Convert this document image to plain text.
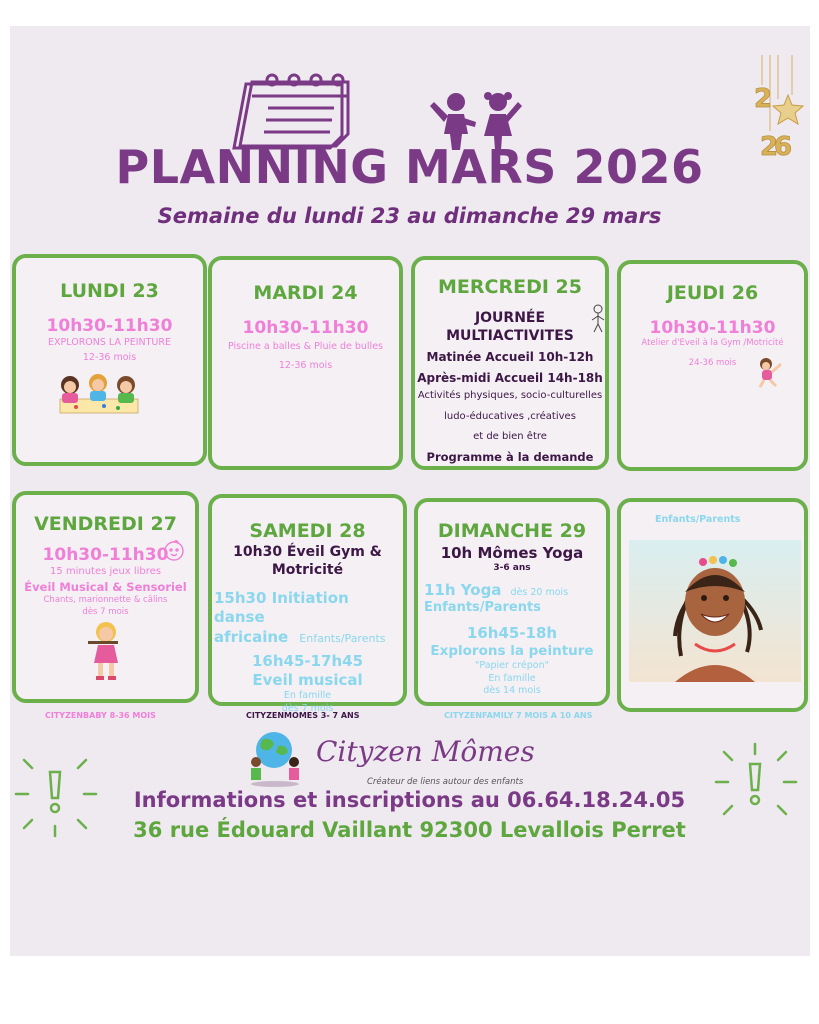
2
2
6
PLANNING MARS 2026
Semaine du lundi 23 au dimanche 29 mars
LUNDI 23
10h30-11h30
EXPLORONS LA PEINTURE
12-36 mois
MARDI 24
10h30-11h30
Piscine a balles & Pluie de bulles
12-36 mois
MERCREDI 25
JOURNÉE
MULTIACTIVITES
Matinée Accueil 10h-12h
Après-midi Accueil 14h-18h
Activités physiques, socio-culturelles
ludo-éducatives ,créatives
et de bien être
Programme à la demande
JEUDI 26
10h30-11h30
Atelier d'Eveil à la Gym /Motricité
24-36 mois
VENDREDI 27
10h30-11h30
15 minutes jeux libres
Éveil Musical & Sensoriel
Chants, marionnette & câlins
dès 7 mois
SAMEDI 28
10h30 Éveil Gym &
Motricité
15h30 Initiation danse
africaine Enfants/Parents
16h45-17h45
Eveil musical
En famille
dès 7 mois
DIMANCHE 29
10h Mômes Yoga
3-6 ans
11h Yoga dès 20 mois
Enfants/Parents
16h45-18h
Explorons la peinture
"Papier crépon"
En famille
dès 14 mois
Enfants/Parents
CITYZENBABY 8-36 MOIS	CITYZENMOMES 3- 7 ANS	CITYZENFAMILY 7 MOIS A 10 ANS
Cityzen Mômes
Créateur de liens autour des enfants
Informations et inscriptions au 06.64.18.24.05
36 rue Édouard Vaillant 92300 Levallois Perret
